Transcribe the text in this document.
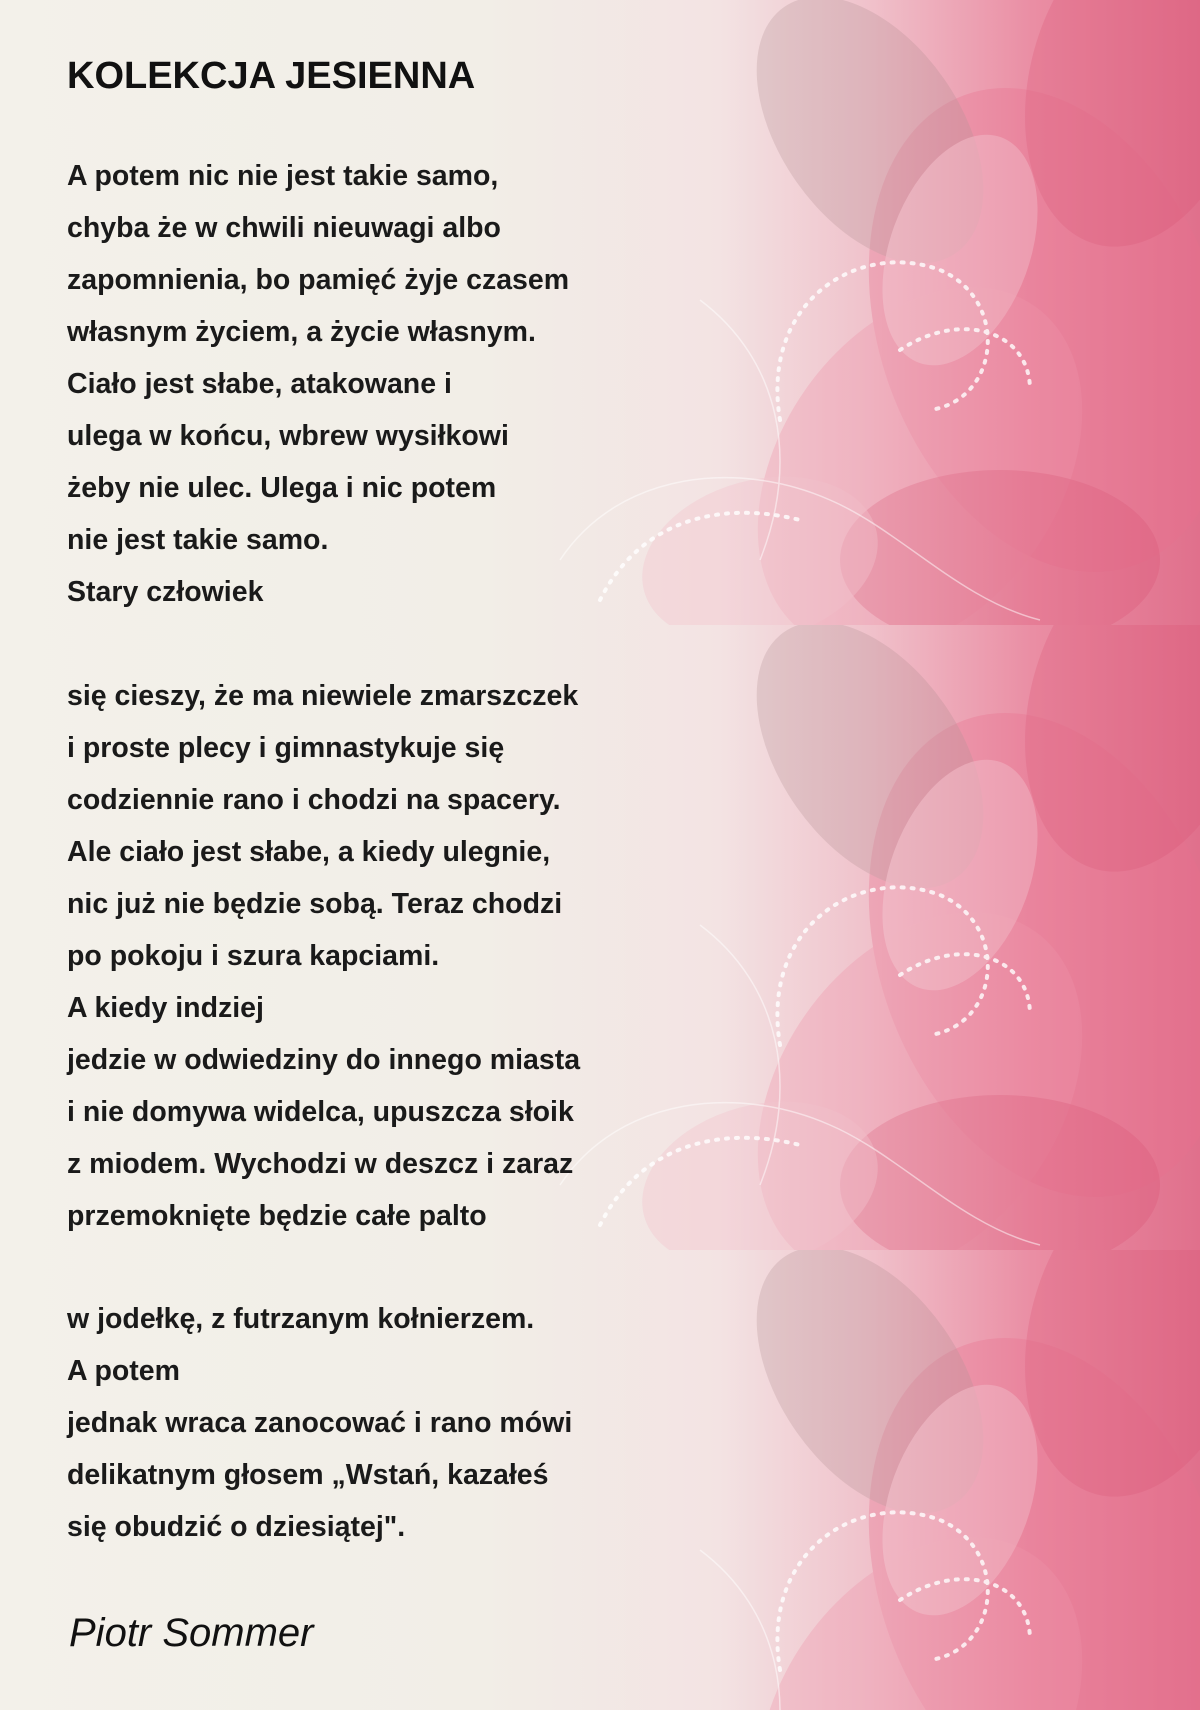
KOLEKCJA JESIENNA
A potem nic nie jest takie samo,
chyba że w chwili nieuwagi albo
zapomnienia, bo pamięć żyje czasem
własnym życiem, a życie własnym.
Ciało jest słabe, atakowane i
ulega w końcu, wbrew wysiłkowi
żeby nie ulec. Ulega i nic potem
nie jest takie samo.
Stary człowiek
się cieszy, że ma niewiele zmarszczek
i proste plecy i gimnastykuje się
codziennie rano i chodzi na spacery.
Ale ciało jest słabe, a kiedy ulegnie,
nic już nie będzie sobą. Teraz chodzi
po pokoju i szura kapciami.
A kiedy indziej
jedzie w odwiedziny do innego miasta
i nie domywa widelca, upuszcza słoik
z miodem. Wychodzi w deszcz i zaraz
przemoknięte będzie całe palto
w jodełkę, z futrzanym kołnierzem.
A potem
jednak wraca zanocować i rano mówi
delikatnym głosem „Wstań, kazałeś
się obudzić o dziesiątej".
Piotr Sommer
